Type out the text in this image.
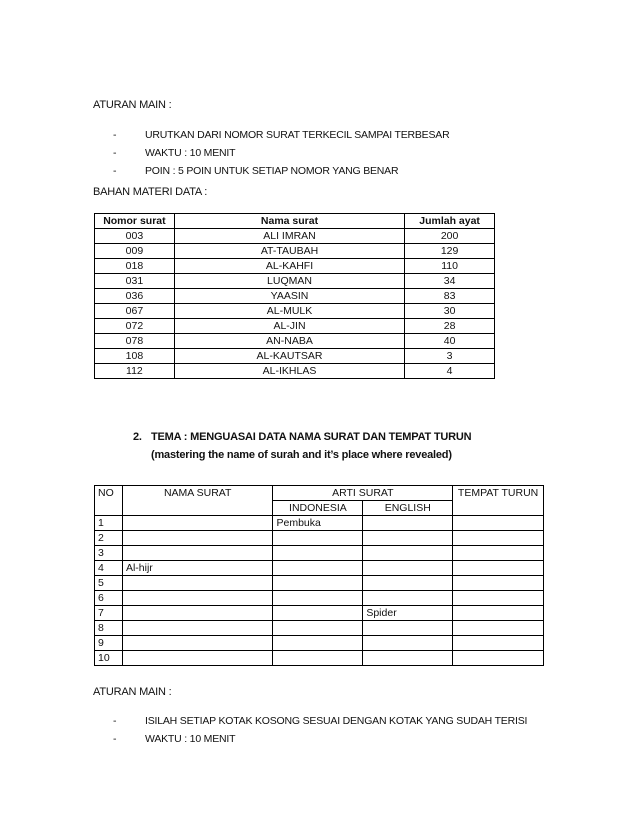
ATURAN MAIN :
-	URUTKAN DARI NOMOR SURAT TERKECIL SAMPAI TERBESAR
-	WAKTU : 10 MENIT
-	POIN : 5 POIN UNTUK SETIAP NOMOR YANG BENAR
BAHAN MATERI DATA :
Nomor surat	Nama surat	Jumlah ayat
003	ALI IMRAN	200
009	AT-TAUBAH	129
018	AL-KAHFI	110
031	LUQMAN	34
036	YAASIN	83
067	AL-MULK	30
072	AL-JIN	28
078	AN-NABA	40
108	AL-KAUTSAR	3
112	AL-IKHLAS	4
2. TEMA : MENGUASAI DATA NAMA SURAT DAN TEMPAT TURUN
(mastering the name of surah and it’s place where revealed)
NO	NAMA SURAT	ARTI SURAT		TEMPAT TURUN
		INDONESIA	ENGLISH	
1		Pembuka		
2				
3				
4	Al-hijr			
5				
6				
7			Spider	
8				
9				
10				
ATURAN MAIN :
-	ISILAH SETIAP KOTAK KOSONG SESUAI DENGAN KOTAK YANG SUDAH TERISI
-	WAKTU : 10 MENIT
